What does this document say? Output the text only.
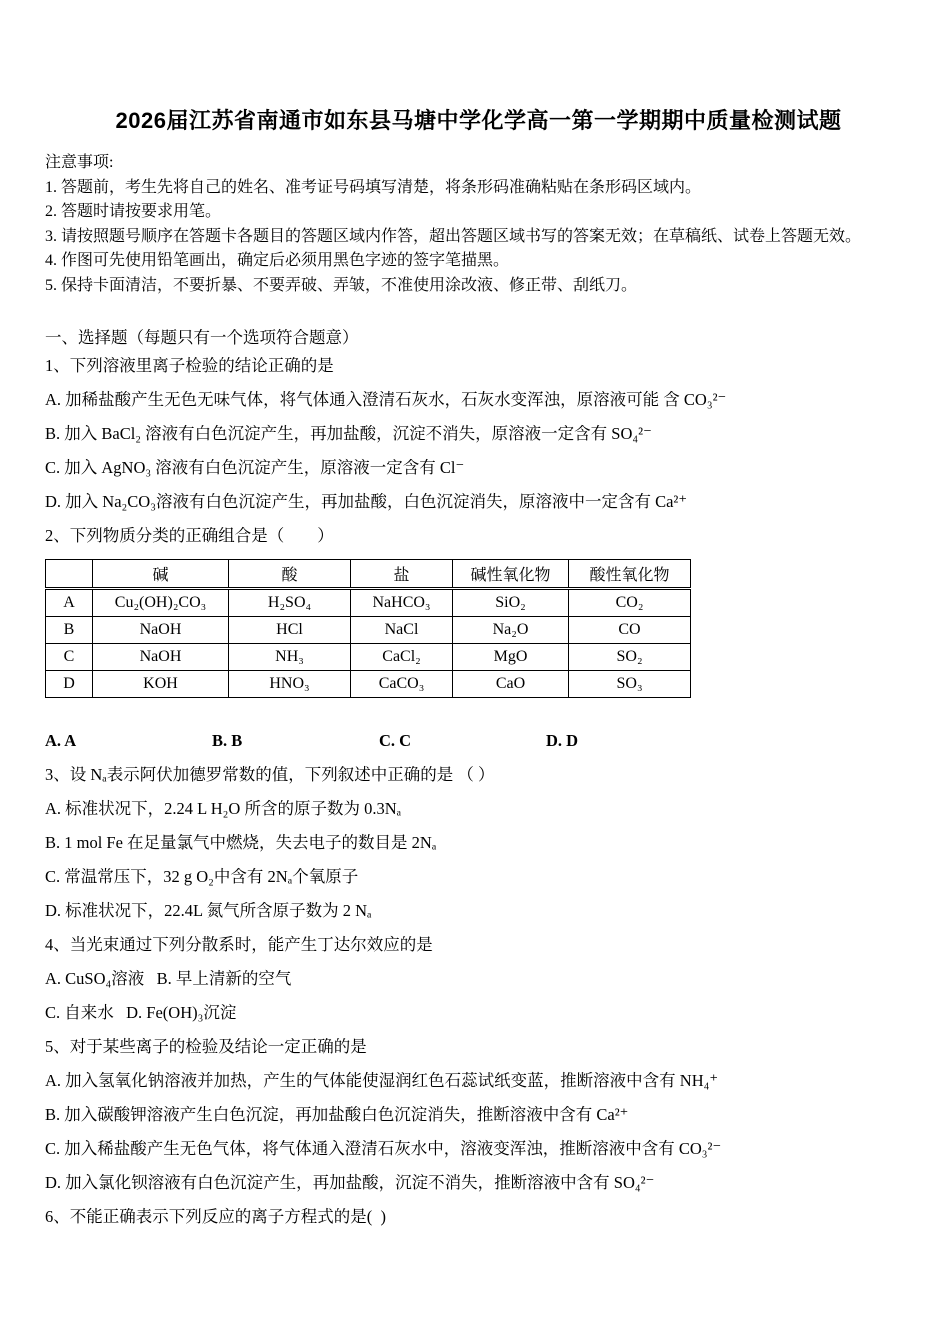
2026届江苏省南通市如东县马塘中学化学高一第一学期期中质量检测试题

注意事项:

1. 答题前，考生先将自己的姓名、准考证号码填写清楚，将条形码准确粘贴在条形码区域内。

2. 答题时请按要求用笔。

3. 请按照题号顺序在答题卡各题目的答题区域内作答，超出答题区域书写的答案无效；在草稿纸、试卷上答题无效。

4. 作图可先使用铅笔画出，确定后必须用黑色字迹的签字笔描黑。

5. 保持卡面清洁，不要折暴、不要弄破、弄皱，不准使用涂改液、修正带、刮纸刀。

一、选择题（每题只有一个选项符合题意）

1、下列溶液里离子检验的结论正确的是

A. 加稀盐酸产生无色无味气体，将气体通入澄清石灰水，石灰水变浑浊，原溶液可能 含 CO₃²⁻

B. 加入 BaCl₂ 溶液有白色沉淀产生，再加盐酸，沉淀不消失，原溶液一定含有 SO₄²⁻

C. 加入 AgNO₃ 溶液有白色沉淀产生，原溶液一定含有 Cl⁻

D. 加入 Na₂CO₃溶液有白色沉淀产生，再加盐酸，白色沉淀消失，原溶液中一定含有 Ca²⁺

2、下列物质分类的正确组合是（　　）

	碱	酸	盐	碱性氧化物	酸性氧化物
A	Cu₂(OH)₂CO₃	H₂SO₄	NaHCO₃	SiO₂	CO₂
B	NaOH	HCl	NaCl	Na₂O	CO
C	NaOH	NH₃	CaCl₂	MgO	SO₂
D	KOH	HNO₃	CaCO₃	CaO	SO₃
A. A	B. B	C. C	D. D

3、设 Nₐ表示阿伏加德罗常数的值，下列叙述中正确的是 （ ）

A. 标准状况下，2.24 L H₂O 所含的原子数为 0.3Nₐ

B. 1 mol Fe 在足量氯气中燃烧，失去电子的数目是 2Nₐ

C. 常温常压下，32 g O₂中含有 2Nₐ个氧原子

D. 标准状况下，22.4L 氮气所含原子数为 2 Nₐ

4、当光束通过下列分散系时，能产生丁达尔效应的是

A. CuSO₄溶液   B. 早上清新的空气

C. 自来水   D. Fe(OH)₃沉淀

5、对于某些离子的检验及结论一定正确的是

A. 加入氢氧化钠溶液并加热，产生的气体能使湿润红色石蕊试纸变蓝，推断溶液中含有 NH₄⁺

B. 加入碳酸钾溶液产生白色沉淀，再加盐酸白色沉淀消失，推断溶液中含有 Ca²⁺

C. 加入稀盐酸产生无色气体，将气体通入澄清石灰水中，溶液变浑浊，推断溶液中含有 CO₃²⁻

D. 加入氯化钡溶液有白色沉淀产生，再加盐酸，沉淀不消失，推断溶液中含有 SO₄²⁻

6、不能正确表示下列反应的离子方程式的是(  )
